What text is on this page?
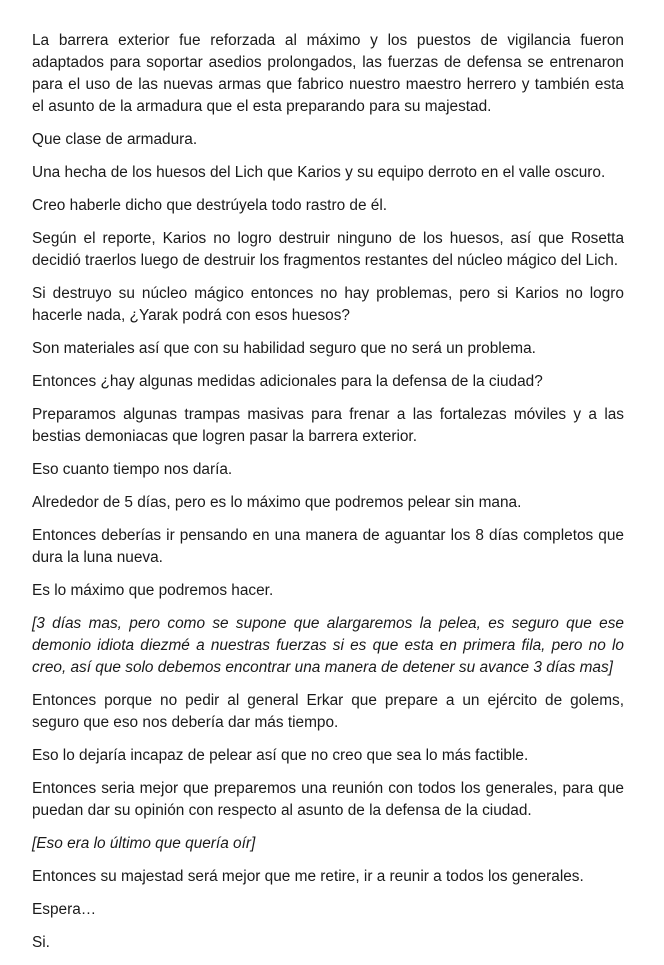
La barrera exterior fue reforzada al máximo y los puestos de vigilancia fueron adaptados para soportar asedios prolongados, las fuerzas de defensa se entrenaron para el uso de las nuevas armas que fabrico nuestro maestro herrero y también esta el asunto de la armadura que el esta preparando para su majestad.

Que clase de armadura.

Una hecha de los huesos del Lich que Karios y su equipo derroto en el valle oscuro.

Creo haberle dicho que destrúyela todo rastro de él.

Según el reporte, Karios no logro destruir ninguno de los huesos, así que Rosetta decidió traerlos luego de destruir los fragmentos restantes del núcleo mágico del Lich.

Si destruyo su núcleo mágico entonces no hay problemas, pero si Karios no logro hacerle nada, ¿Yarak podrá con esos huesos?

Son materiales así que con su habilidad seguro que no será un problema.

Entonces ¿hay algunas medidas adicionales para la defensa de la ciudad?

Preparamos algunas trampas masivas para frenar a las fortalezas móviles y a las bestias demoniacas que logren pasar la barrera exterior.

Eso cuanto tiempo nos daría.

Alrededor de 5 días, pero es lo máximo que podremos pelear sin mana.

Entonces deberías ir pensando en una manera de aguantar los 8 días completos que dura la luna nueva.

Es lo máximo que podremos hacer.

[3 días mas, pero como se supone que alargaremos la pelea, es seguro que ese demonio idiota diezmé a nuestras fuerzas si es que esta en primera fila, pero no lo creo, así que solo debemos encontrar una manera de detener su avance 3 días mas]

Entonces porque no pedir al general Erkar que prepare a un ejército de golems, seguro que eso nos debería dar más tiempo.

Eso lo dejaría incapaz de pelear así que no creo que sea lo más factible.

Entonces seria mejor que preparemos una reunión con todos los generales, para que puedan dar su opinión con respecto al asunto de la defensa de la ciudad.

[Eso era lo último que quería oír]

Entonces su majestad será mejor que me retire, ir a reunir a todos los generales.

Espera…

Si.
